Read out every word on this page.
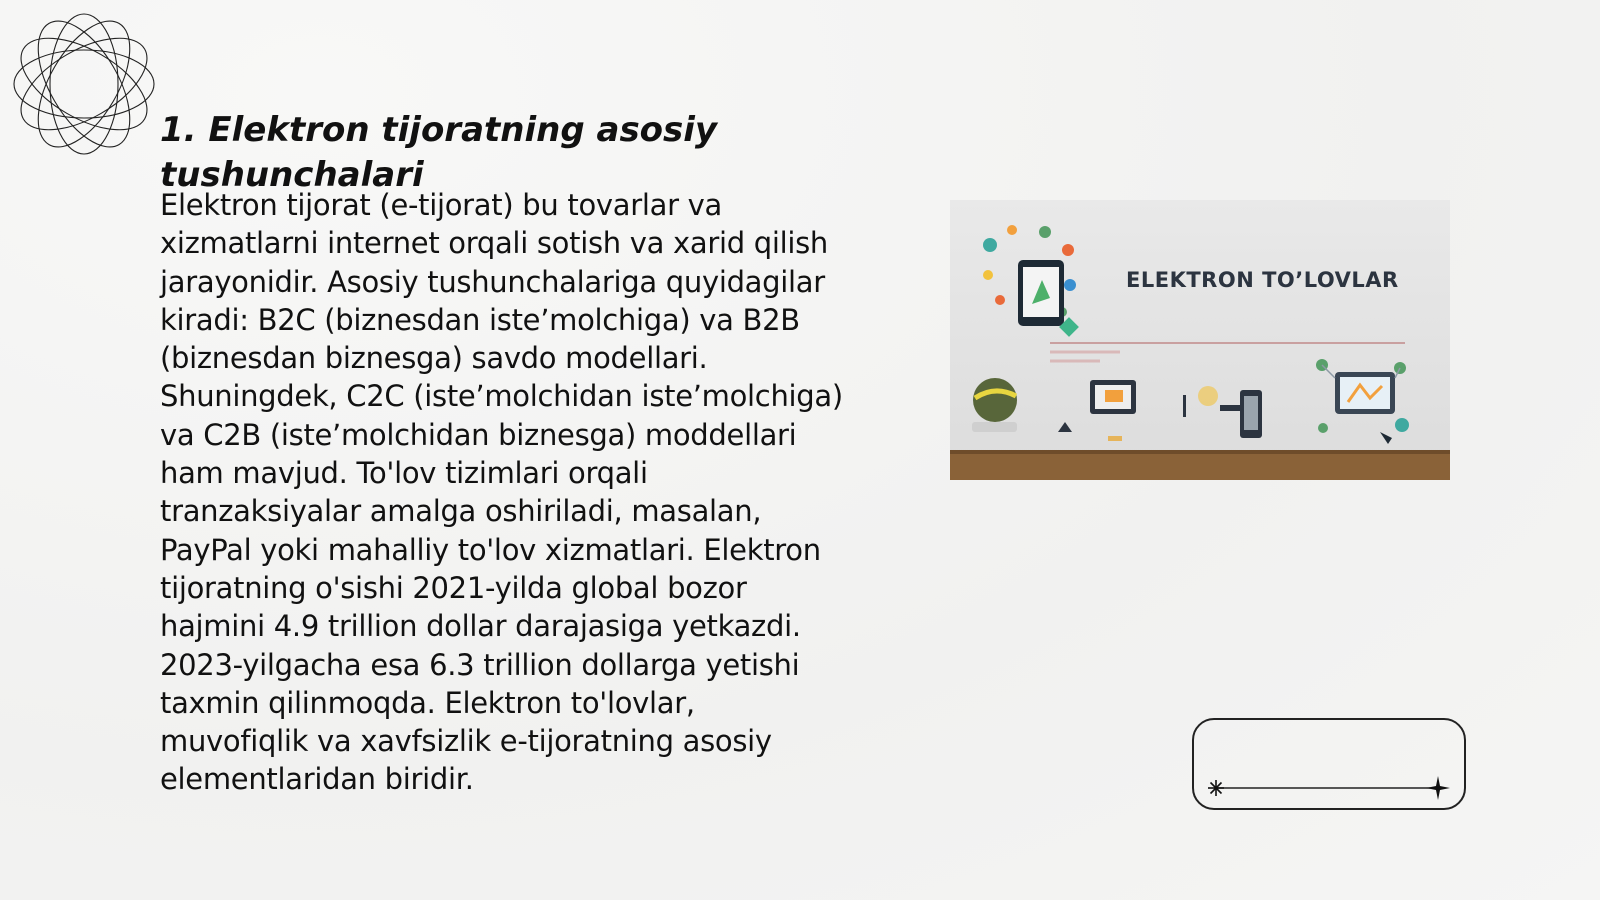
1. Elektron tijoratning asosiy tushunchalari

Elektron tijorat (e-tijorat) bu tovarlar va xizmatlarni internet orqali sotish va xarid qilish jarayonidir. Asosiy tushunchalariga quyidagilar kiradi: B2C (biznesdan iste’molchiga) va B2B (biznesdan biznesga) savdo modellari. Shuningdek, C2C (iste’molchidan iste’molchiga) va C2B (iste’molchidan biznesga) moddellari ham mavjud. To'lov tizimlari orqali tranzaksiyalar amalga oshiriladi, masalan, PayPal yoki mahalliy to'lov xizmatlari. Elektron tijoratning o'sishi 2021-yilda global bozor hajmini 4.9 trillion dollar darajasiga yetkazdi. 2023-yilgacha esa 6.3 trillion dollarga yetishi taxmin qilinmoqda. Elektron to'lovlar, muvofiqlik va xavfsizlik e-tijoratning asosiy elementlaridan biridir.

ELEKTRON TO’LOVLAR
